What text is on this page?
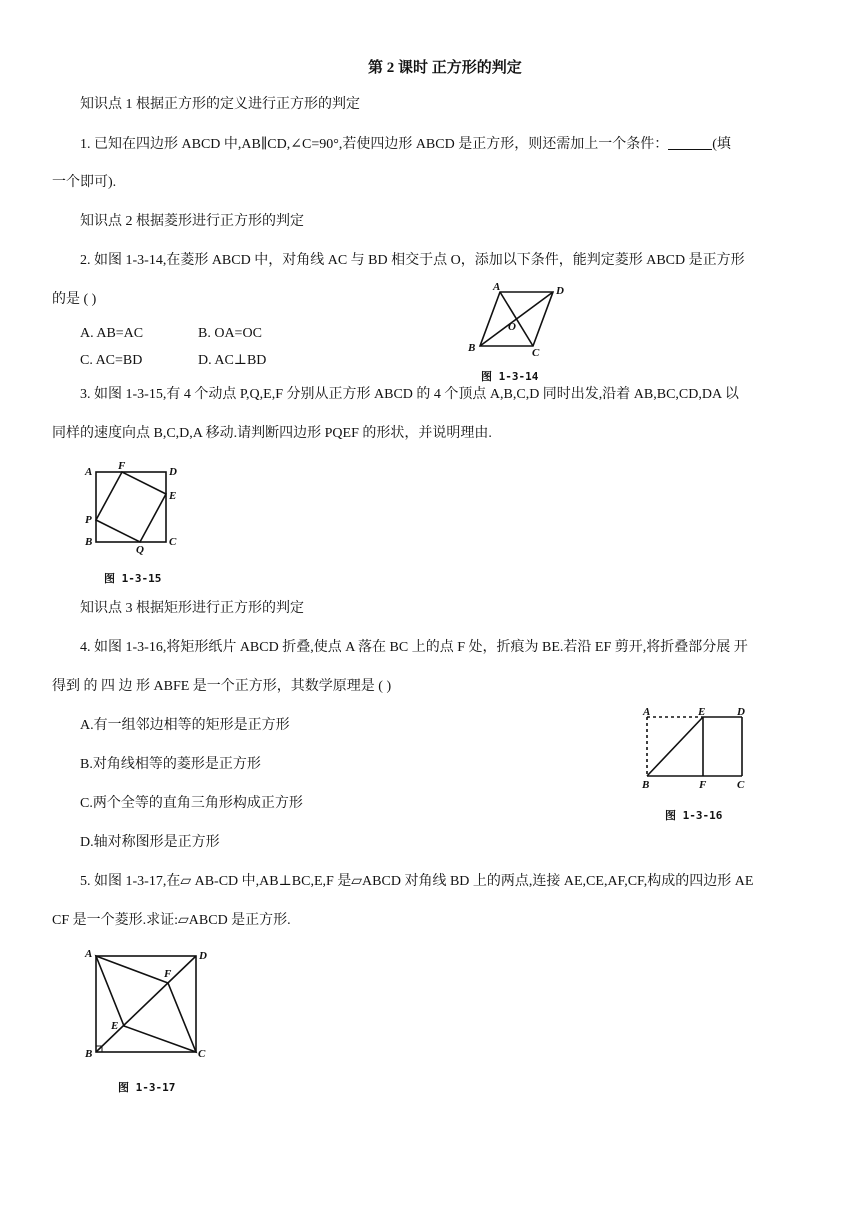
第 2 课时 正方形的判定
知识点 1 根据正方形的定义进行正方形的判定
1. 已知在四边形 ABCD 中,AB∥CD,∠C=90°,若使四边形 ABCD 是正方形，则还需加上一个条件：	(填
一个即可).
知识点 2 根据菱形进行正方形的判定
2. 如图 1-3-14,在菱形 ABCD 中，对角线 AC 与 BD 相交于点 O，添加以下条件，能判定菱形 ABCD 是正方形
的是 ( )
A. AB=AC	B. OA=OC
C. AC=BD	D. AC⊥BD
A	D
B	C
O
图 1-3-14
3. 如图 1-3-15,有 4 个动点 P,Q,E,F 分别从正方形 ABCD 的 4 个顶点 A,B,C,D 同时出发,沿着 AB,BC,CD,DA 以
同样的速度向点 B,C,D,A 移动.请判断四边形 PQEF 的形状，并说明理由.
A F	D
E
P
B
Q
C
图 1-3-15
知识点 3 根据矩形进行正方形的判定
4. 如图 1-3-16,将矩形纸片 ABCD 折叠,使点 A 落在 BC 上的点 F 处，折痕为 BE.若沿 EF 剪开,将折叠部分展 开
得到 的 四 边 形 ABFE 是一个正方形，其数学原理是 ( )
A.有一组邻边相等的矩形是正方形
B.对角线相等的菱形是正方形
C.两个全等的直角三角形构成正方形
D.轴对称图形是正方形
A	E	D
B	F	C
图 1-3-16
5. 如图 1-3-17,在▱ AB-CD 中,AB⊥BC,E,F 是▱ABCD 对角线 BD 上的两点,连接 AE,CE,AF,CF,构成的四边形 AE
CF 是一个菱形.求证:▱ABCD 是正方形.
A	D
F
E
B	C
图 1-3-17
